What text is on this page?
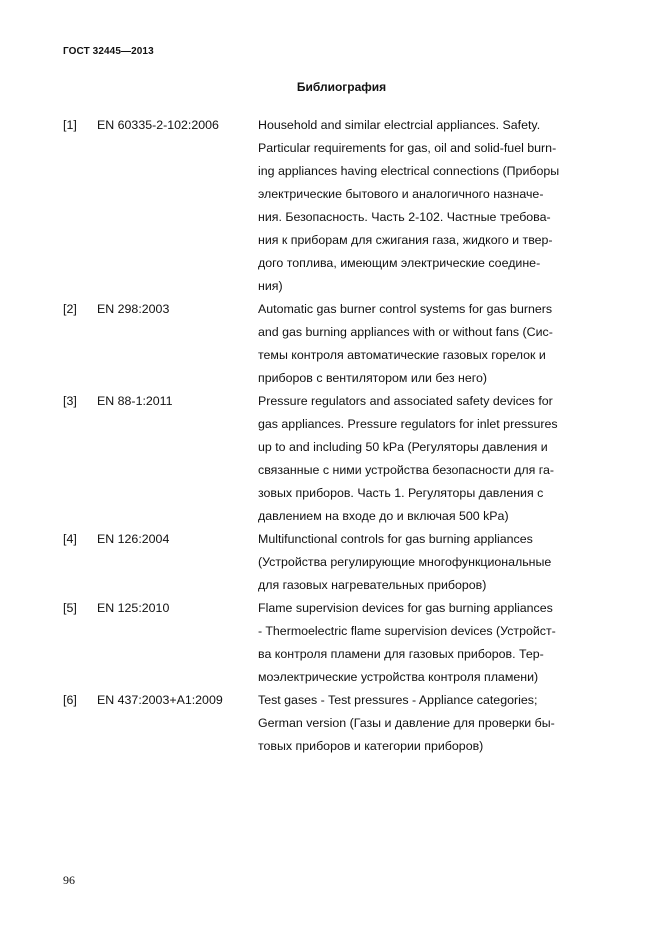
ГОСТ 32445—2013
Библиография
[1] EN 60335-2-102:2006	Household and similar electrcial appliances. Safety.
Particular requirements for gas, oil and solid-fuel burn-
ing appliances having electrical connections (Приборы
электрические бытового и аналогичного назначе-
ния. Безопасность. Часть 2-102. Частные требова-
ния к приборам для сжигания газа, жидкого и твер-
дого топлива, имеющим электрические соедине-
ния)
[2] EN 298:2003	Automatic gas burner control systems for gas burners
and gas burning appliances with or without fans (Сис-
темы контроля автоматические газовых горелок и
приборов с вентилятором или без него)
[3] EN 88-1:2011	Pressure regulators and associated safety devices for
gas appliances. Pressure regulators for inlet pressures
up to and including 50 kPa (Регуляторы давления и
связанные с ними устройства безопасности для га-
зовых приборов. Часть 1. Регуляторы давления с
давлением на входе до и включая 500 kPa)
[4] EN 126:2004	Multifunctional controls for gas burning appliances
(Устройства регулирующие многофункциональные
для газовых нагревательных приборов)
[5] EN 125:2010	Flame supervision devices for gas burning appliances
- Thermoelectric flame supervision devices (Устройст-
ва контроля пламени для газовых приборов. Тер-
моэлектрические устройства контроля пламени)
[6] EN 437:2003+A1:2009	Test gases - Test pressures - Appliance categories;
German version (Газы и давление для проверки бы-
товых приборов и категории приборов)
96
